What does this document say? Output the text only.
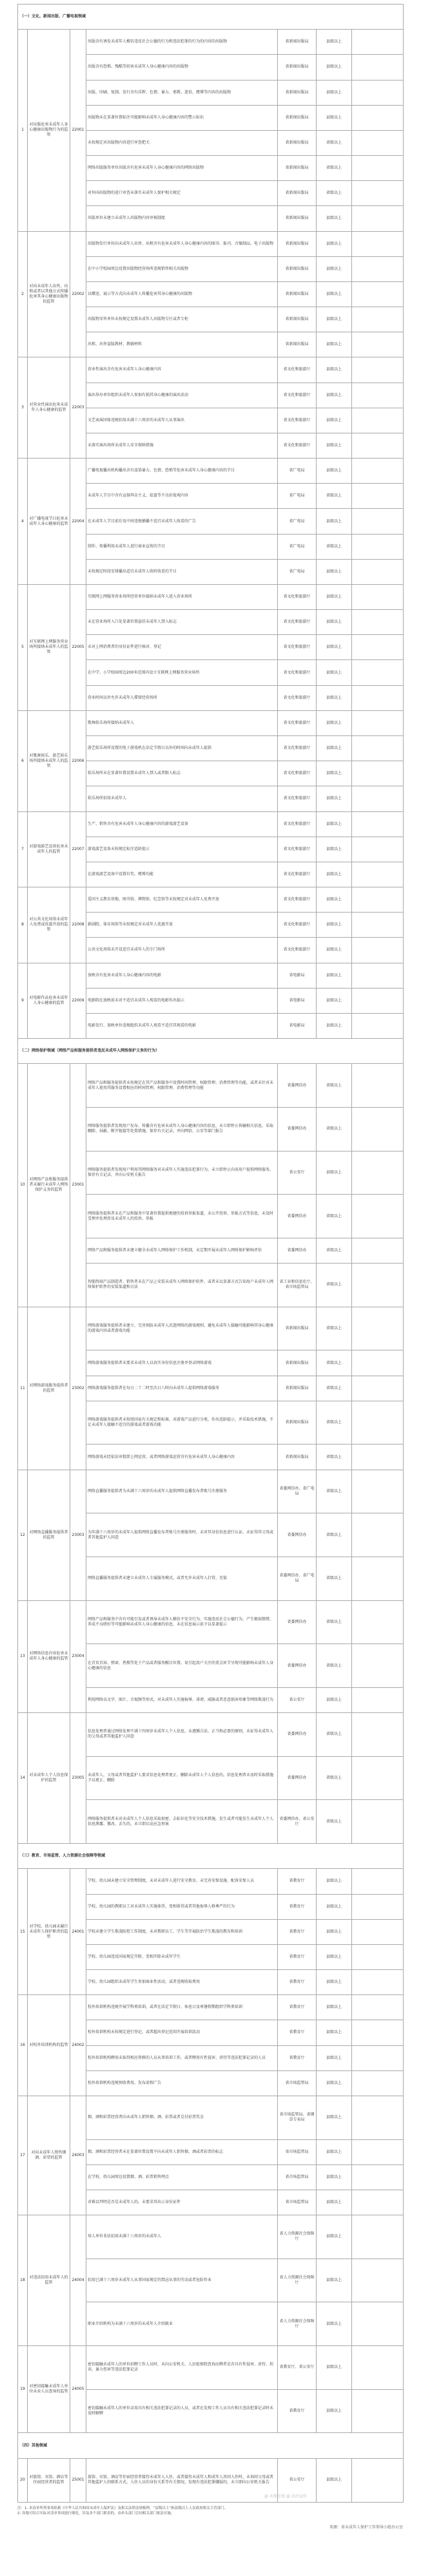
（一）文化、新闻出版、广播电视领域						
1	对出版危害未成年人身心健康出版物行为的监管	22001	出版含有诱发未成年人模仿违反社会公德的行为和违法犯罪的行为的内容的出版物	省新闻出版局	县级以上	
			出版含有恐怖、残酷等妨害未成年人身心健康内容的出版物	省新闻出版局	县级以上	
			出版、印刷、复制、发行含有淫秽、色情、暴力、邪教、迷信、赌博等内容的出版物	省新闻出版局	县级以上	
			出版物未在显著位置标注可能影响未成年人身心健康内容的警示标识	省新闻出版局	县级以上	
			未按规定对出版物内容进行审查把关	省新闻出版局	省级以上	
			网络出版服务单位出版含有危害未成年人身心健康内容的网络出版物	省新闻出版局	省级以上	
			对外国出版物的进口审查未落实未成年人保护相关规定	省新闻出版局	省级以上	
			出版单位未建立未成年人出版物内容审核制度	省新闻出版局	县级以上	
2	对向未成年人出售、出租或者以其他方式传播危害其身心健康出版物的监管	22002	出版物发行单位向未成年人出售、出租含有危害未成年人身心健康内容的图书、报刊、音像制品、电子出版物	省新闻出版局	县级以上	
			在中小学校园周边设置出版物经营场所违规销售相关出版物	省新闻出版局	县级以上	
			以赠送、展示等方式向未成年人传播危害其身心健康的出版物	省新闻出版局	县级以上	
			出版物零售单位未按规定设置未成年人出版物专区或者专柜	省新闻出版局	县级以上	
			出租、出售盗版教材、教辅材料	省新闻出版局	县级以上	
3	对营业性演出危害未成年人身心健康的监管	22003	营业性演出含有危害未成年人身心健康内容	省文化和旅游厅	县级以上	
			演出举办单位组织未成年人参加有损其身心健康的演出活动	省文化和旅游厅	县级以上	
			文艺表演团体违规招用未满十六周岁的未成年人从事演出	省文化和旅游厅	县级以上	
			未落实演出场所未成年人安全保障措施	省文化和旅游厅	县级以上	
4	对广播电视节目危害未成年人身心健康的监管	22004	广播电视播出机构播出含有渲染暴力、色情、恐怖等危害未成年人身心健康内容的节目	省广电局	县级以上	
			未成年人节目中含有宣扬拜金主义、炫富等不良价值观内容	省广电局	省级以上	
			在未成年人节目前后及中间违规插播不适宜未成年人收看的广告	省广电局	县级以上	
			制作、传播利用未成年人进行商业宣传的节目	省广电局	省级以上	
			未按规定时段安排播出适宜未成年人收听收看的节目	省广电局	县级以上	
5	对互联网上网服务营业场所接纳未成年人的监管	22005	互联网上网服务营业场所经营单位接纳未成年人进入营业场所	省文化和旅游厅	县级以上	
			未在营业场所入口处显著位置悬挂未成年人禁入标志	省文化和旅游厅	县级以上	
			未对上网消费者的身份证件进行核对、登记	省文化和旅游厅	县级以上	
			在中学、小学校园周边200米范围内设立互联网上网服务营业场所	省文化和旅游厅	县级以上	
			营业时间以外允许未成年人滞留经营场所	省文化和旅游厅	县级以上	
6	对歌舞娱乐、游艺娱乐场所接纳未成年人的监管	22006	歌舞娱乐场所接纳未成年人	省文化和旅游厅	县级以上	
			游艺娱乐场所设置的电子游戏机在法定节假日以外的时间向未成年人提供	省文化和旅游厅	县级以上	
			娱乐场所未在显著位置设置未成年人禁入或者限入标志	省文化和旅游厅	县级以上	
			娱乐场所招用未成年人	省文化和旅游厅	县级以上	
7	对游戏游艺设备危害未成年人的监管	22007	生产、销售含有危害未成年人身心健康内容的游戏游艺设备	省文化和旅游厅	县级以上	
			游戏游艺设备未按规定标注适龄提示	省文化和旅游厅	县级以上	
			在游戏游艺设备中设置有奖、赌博功能	省文化和旅游厅	县级以上	
8	对公共文化场馆未成年人免费或优惠开放的监管	22008	爱国主义教育基地、图书馆、博物馆、纪念馆等未按规定对未成年人免费开放	省文化和旅游厅	县级以上	
			影剧院、体育场馆等未按规定对未成年人优惠开放	省文化和旅游厅	县级以上	
			公共文化场馆未开设适宜未成年人的专门场所	省文化和旅游厅	县级以上	
9	对电影作品危害未成年人身心健康的监管	22009	放映含有危害未成年人身心健康内容的电影	省电影局	县级以上	
			电影院在放映前未对不适宜未成年人观看的电影作出提示	省电影局	县级以上	
			电影发行、放映单位违规组织未成年人观看不适宜其观看的电影	省电影局	县级以上	
（二）网络保护领域（网络产品和服务提供者违反未成年人网络保护义务的行为）						
10	对网络产品和服务提供者未履行未成年人网络保护义务的监管	23001	网络产品和服务提供者未按规定在其产品和服务中设置时间管理、权限管理、消费管理等功能，或者未针对未成年人使用其服务设置相应的时间管理、权限管理、消费管理等功能	省委网信办	省级以上	
			网络服务提供者发现用户发布、传播含有危害未成年人身心健康内容的信息，未立即停止传输相关信息，采取删除、屏蔽、断开链接等处置措施，保存有关记录，并向网信、公安等部门报告	省委网信办	省级以上	
			网络服务提供者发现用户利用其网络服务对未成年人实施违法犯罪行为，未立即停止向该用户提供网络服务，保存有关记录，并向公安机关报告	省公安厅	县级以上	
			网络服务提供者未在产品和服务中显著位置提供便捷的投诉举报渠道，未公开投诉、举报方式等信息，未及时受理并处理涉及未成年人的投诉、举报	省委网信办	省级以上	
			网络产品和服务提供者未建立健全未成年人网络保护工作机制，未定期开展未成年人网络保护影响评估	省委网信办	省级以上	
			智能终端产品制造者、销售者未在产品上安装未成年人网络保护软件，或者未以显著方式告知用户未成年人网络保护软件的安装渠道和方法	省工业和信息化厅、省市场监管局	省级以上	
11	对网络游戏服务提供者的监管	23002	网络游戏服务提供者未建立、完善预防未成年人沉迷网络的游戏规则，避免未成年人接触可能影响其身心健康的游戏内容或者游戏功能	省新闻出版局	省级以上	
			网络游戏服务提供者未要求未成年人以真实身份信息注册并登录网络游戏	省新闻出版局	省级以上	
			网络游戏服务提供者在每日二十二时至次日八时向未成年人提供网络游戏服务	省新闻出版局	省级以上	
			网络游戏服务提供者未按照国家有关规定和标准，对游戏产品进行分类，作出适龄提示，并采取技术措施，不让未成年人接触不适宜的游戏或者游戏功能	省新闻出版局	省级以上	
			网络游戏未经依法审批即上网运营，或者网络游戏运营含有危害未成年人身心健康内容	省新闻出版局	省级以上	
12	对网络直播服务提供者的监管	23003	网络直播服务提供者为未满十六周岁的未成年人提供网络直播发布者账号注册服务	省委网信办、省广电局	省级以上	
			为年满十六周岁的未成年人提供网络直播发布者账号注册服务时，未对其身份信息进行认证，未征得其父母或者其他监护人同意	省委网信办	省级以上	
			网络直播服务提供者未建立未成年人专属服务模式，或者允许未成年人打赏、充值	省委网信办、省广电局	省级以上	
13	对网络信息内容危害未成年人身心健康的监管	23004	网络产品和服务中含有可能引发或者诱导未成年人模仿不安全行为、实施违反社会公德行为、产生极端情绪、养成不良嗜好等可能影响未成年人身心健康的信息，未在信息展示前予以显著提示	省委网信办	省级以上	
			在首页首屏、弹窗、热搜等处于产品或者服务醒目位置、易引起用户关注的重点环节呈现可能影响未成年人身心健康的信息	省委网信办	省级以上	
			利用网络以文字、图片、音视频等形式，对未成年人实施侮辱、诽谤、威胁或者恶意损害形象等网络欺凌行为	省公安厅	县级以上	
14	对未成年人个人信息保护的监管	23005	信息处理者通过网络处理不满十四周岁未成年人个人信息，未遵循合法、正当和必要的原则，未征得未成年人的父母或者其他监护人同意	省委网信办	省级以上	
			未成年人、父母或者其他监护人要求信息处理者更正、删除未成年人个人信息的，信息处理者未及时采取措施予以更正、删除	省委网信办	省级以上	
			网络服务提供者未对未成年人个人信息采取加密、去标识化等安全技术措施，发生或者可能发生未成年人个人信息泄露、篡改、丢失的，未立即启动应急预案	省委网信办、省公安厅	省级以上	
（三）教育、市场监管、人力资源社会保障等领域						
15	对学校、幼儿园未履行未成年人保护职责的监管	24001	学校、幼儿园未建立安全管理制度，未对未成年人进行安全教育，未完善安保设施、配备安保人员	省教育厅	县级以上	
			学校、幼儿园的教职员工对未成年人实施体罚、变相体罚或者其他侮辱人格尊严的行为	省教育厅	县级以上	
			学校未建立学生欺凌防控工作制度，未对教职员工、学生等开展防治学生欺凌的教育和培训	省教育厅	县级以上	
			学校、幼儿园违反国家规定开除、变相开除未成年学生	省教育厅	县级以上	
			学校、幼儿园组织未成年学生参加商业性活动，或者违规收取费用	省教育厅	县级以上	
16	对校外培训机构的监管	24002	校外培训机构违规开展学科类培训，或者在法定节假日、休息日及寒暑假期组织学科类培训	省教育厅	县级以上	
			校外培训机构未按规定进行登记，或者超出登记范围开展培训活动	省教育厅	县级以上	
			校外培训机构聘用未取得相应资格的人员从事培训工作，或者聘用有性侵害、虐待等违法犯罪记录的人员	省教育厅	县级以上	
			校外培训机构违规预收费用、发布虚假广告	省市场监管局	县级以上	
17	对向未成年人销售烟酒、彩票的监管	24003	烟、酒和彩票经营者向未成年人销售烟、酒、彩票或者兑付彩票奖金	省市场监管局、省烟草专卖局	县级以上	
			烟、酒和彩票经营者未在显著位置设置不向未成年人销售烟、酒或者彩票的标志	省市场监管局	县级以上	
			在学校、幼儿园周边设置烟、酒、彩票销售网点	省市场监管局	县级以上	
			对难以判明是否是未成年人的，未要求其出示身份证件	省市场监管局	县级以上	
18	对违法招用未成年人的监管	24004	用人单位非法招用未满十六周岁的未成年人	省人力资源社会保障厅	县级以上	
			招用已满十六周岁未成年人从事国家规定的禁忌从事的劳动或者危险作业	省人力资源社会保障厅	县级以上	
			职业介绍机构为未满十六周岁的未成年人介绍就业	省人力资源社会保障厅	县级以上	
19	对密切接触未成年人单位从业人员查询的监管	24005	密切接触未成年人的单位招聘工作人员时，未向公安机关、人民检察院查询应聘者是否具有性侵害、虐待、拐卖、暴力伤害等违法犯罪记录	省教育厅、省公安厅	县级以上	
			密切接触未成年人的单位录用具有相关违法犯罪记录的人员，或者在发现工作人员具有相关违法犯罪记录时未及时解聘	省教育厅	县级以上	
（四）其他领域						
20	对旅馆、宾馆、酒店等住宿经营者的监管	25001	旅馆、宾馆、酒店等住宿经营者接待未成年人入住，或者接待未成年人和成年人共同入住时，未询问父母或者其他监护人的联系方式、入住人员的身份关系等有关情况，发现有违法犯罪嫌疑的，未立即向公安机关报告	省公安厅	县级以上	
@ 未保在线 @ 法治宣传
注：1. 本清单所列事项依据《中华人民共和国未成年人保护法》及相关法律法规梳理，“县级以上”指县级以上人民政府相关主管部门。
2. 各地可结合实际对清单事项进行细化，涉及多个部门职责的，由牵头部门会同相关部门依法实施。
来源：省未成年人保护工作领导小组办公室
